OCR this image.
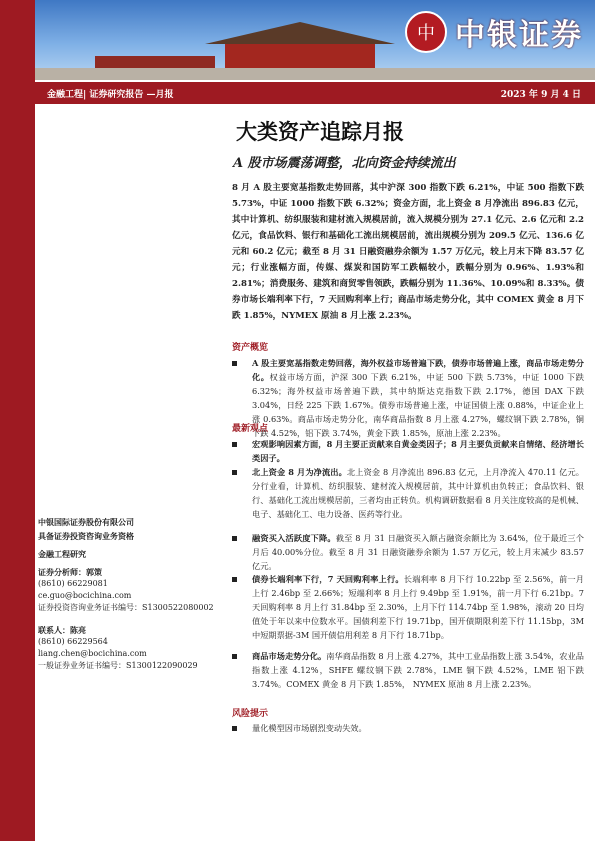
中 中银证券
金融工程| 证券研究报告 —月报	2023 年 9 月 4 日
大类资产追踪月报
A 股市场震荡调整，北向资金持续流出

8 月 A 股主要宽基指数走势回落，其中沪深 300 指数下跌 6.21%，中证 500 指数下跌 5.73%，中证 1000 指数下跌 6.32%；资金方面，北上资金 8 月净流出 896.83 亿元，其中计算机、纺织服装和建材流入规模居前，流入规模分别为 27.1 亿元、2.6 亿元和 2.2 亿元，食品饮料、银行和基础化工流出规模居前，流出规模分别为 209.5 亿元、136.6 亿元和 60.2 亿元；截至 8 月 31 日融资融券余额为 1.57 万亿元，较上月末下降 83.57 亿元；行业涨幅方面，传媒、煤炭和国防军工跌幅较小，跌幅分别为 0.96%、1.93%和 2.81%；消费服务、建筑和商贸零售领跌，跌幅分别为 11.36%、10.09%和 8.33%。债券市场长端利率下行，7 天回购利率上行；商品市场走势分化，其中 COMEX 黄金 8 月下跌 1.85%，NYMEX 原油 8 月上涨 2.23%。

资产概览
A 股主要宽基指数走势回落，海外权益市场普遍下跌，债券市场普遍上涨，商品市场走势分化。权益市场方面，沪深 300 下跌 6.21%，中证 500 下跌 5.73%，中证 1000 下跌 6.32%；海外权益市场普遍下跌，其中纳斯达克指数下跌 2.17%，德国 DAX 下跌 3.04%，日经 225 下跌 1.67%。债券市场普遍上涨，中证国债上涨 0.88%，中证企业上涨 0.63%。商品市场走势分化，南华商品指数 8 月上涨 4.27%，螺纹钢下跌 2.78%，铜下跌 4.52%，铝下跌 3.74%，黄金下跌 1.85%，原油上涨 2.23%。
最新观点
宏观影响因素方面，8 月主要正贡献来自黄金类因子；8 月主要负贡献来自情绪、经济增长类因子。
北上资金 8 月为净流出。北上资金 8 月净流出 896.83 亿元，上月净流入 470.11 亿元。分行业看，计算机、纺织服装、建材流入规模居前，其中计算机由负转正；食品饮料、银行、基础化工流出规模居前，三者均由正转负。机构调研数据看 8 月关注度较高的是机械、电子、基础化工、电力设备、医药等行业。
融资买入活跃度下降。截至 8 月 31 日融资买入额占融资余额比为 3.64%，位于最近三个月后 40.00%分位。截至 8 月 31 日融资融券余额为 1.57 万亿元，较上月末减少 83.57 亿元。
债券长端利率下行，7 天回购利率上行。长端利率 8 月下行 10.22bp 至 2.56%，前一月上行 2.46bp 至 2.66%；短端利率 8 月上行 9.49bp 至 1.91%，前一月下行 6.21bp。7 天回购利率 8 月上行 31.84bp 至 2.30%，上月下行 114.74bp 至 1.98%，滚动 20 日均值处于年以来中位数水平。国债利差下行 19.71bp，国开债期限利差下行 11.15bp，3M 中短期票据-3M 国开债信用利差 8 月下行 18.71bp。
商品市场走势分化。南华商品指数 8 月上涨 4.27%，其中工业品指数上涨 3.54%，农业品指数上涨 4.12%，SHFE 螺纹钢下跌 2.78%，LME 铜下跌 4.52%，LME 铝下跌 3.74%。COMEX 黄金 8 月下跌 1.85%， NYMEX 原油 8 月上涨 2.23%。
风险提示
量化模型因市场剧烈变动失效。
中银国际证券股份有限公司
具备证券投资咨询业务资格
金融工程研究
证券分析师：郭策
(8610) 66229081
ce.guo@bocichina.com
证券投资咨询业务证书编号：S1300522080002
联系人：陈亮
(8610) 66229564
liang.chen@bocichina.com
一般证券业务证书编号：S1300122090029
